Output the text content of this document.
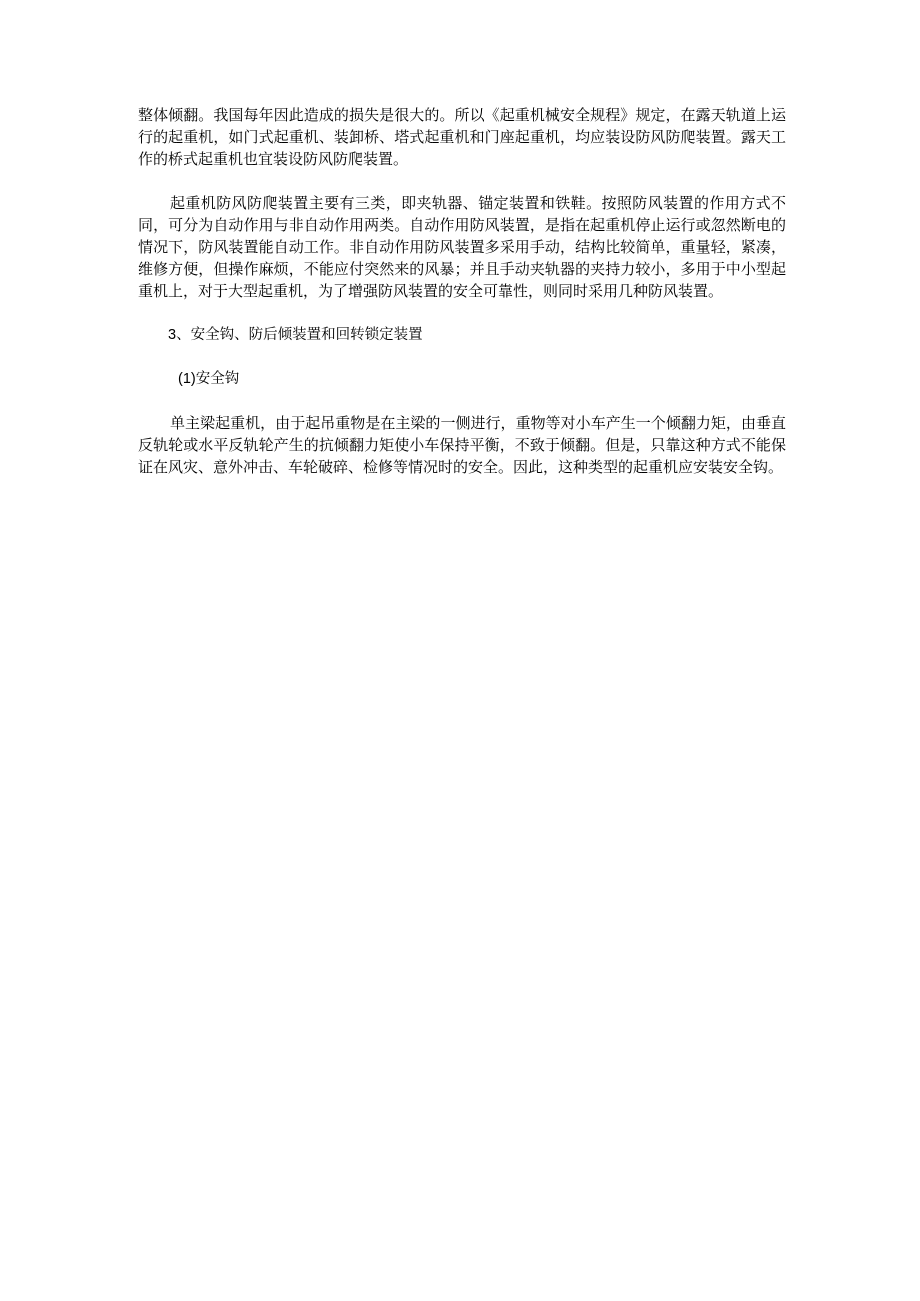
整体倾翻。我国每年因此造成的损失是很大的。所以《起重机械安全规程》规定，在露天轨道上运行的起重机，如门式起重机、装卸桥、塔式起重机和门座起重机，均应装设防风防爬装置。露天工作的桥式起重机也宜装设防风防爬装置。

起重机防风防爬装置主要有三类，即夹轨器、锚定装置和铁鞋。按照防风装置的作用方式不同，可分为自动作用与非自动作用两类。自动作用防风装置，是指在起重机停止运行或忽然断电的情况下，防风装置能自动工作。非自动作用防风装置多采用手动，结构比较简单，重量轻，紧凑，维修方便，但操作麻烦，不能应付突然来的风暴；并且手动夹轨器的夹持力较小，多用于中小型起重机上，对于大型起重机，为了增强防风装置的安全可靠性，则同时采用几种防风装置。

3、安全钩、防后倾装置和回转锁定装置

(1)安全钩

单主梁起重机，由于起吊重物是在主梁的一侧进行，重物等对小车产生一个倾翻力矩，由垂直反轨轮或水平反轨轮产生的抗倾翻力矩使小车保持平衡，不致于倾翻。但是，只靠这种方式不能保证在风灾、意外冲击、车轮破碎、检修等情况时的安全。因此，这种类型的起重机应安装安全钩。
